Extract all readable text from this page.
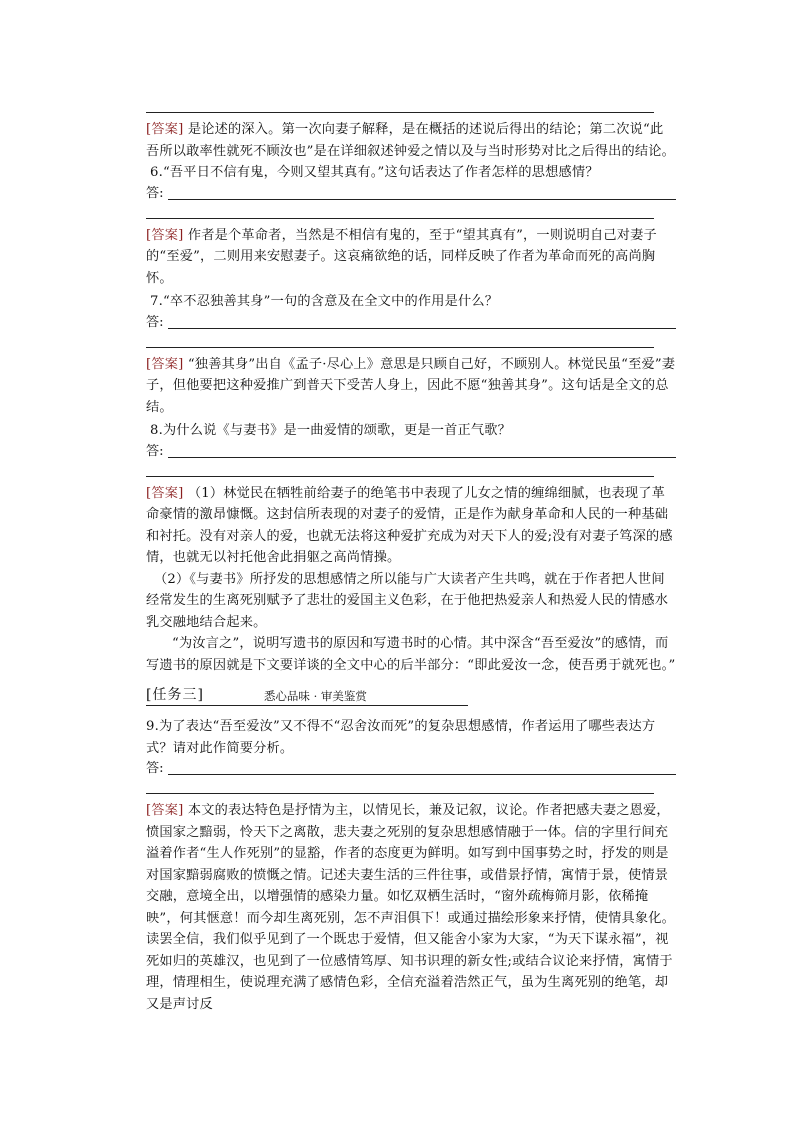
[答案] 是论述的深入。第一次向妻子解释，是在概括的述说后得出的结论；第二次说“此吾所以敢率性就死不顾汝也”是在详细叙述钟爱之情以及与当时形势对比之后得出的结论。

6.“吾平日不信有鬼，今则又望其真有。”这句话表达了作者怎样的思想感情？

答:

[答案] 作者是个革命者，当然是不相信有鬼的，至于“望其真有”，一则说明自己对妻子的“至爱”，二则用来安慰妻子。这哀痛欲绝的话，同样反映了作者为革命而死的高尚胸怀。

7.“卒不忍独善其身”一句的含意及在全文中的作用是什么？

答:

[答案] “独善其身”出自《孟子·尽心上》意思是只顾自己好，不顾别人。林觉民虽“至爱”妻子，但他要把这种爱推广到普天下受苦人身上，因此不愿“独善其身”。这句话是全文的总结。

8.为什么说《与妻书》是一曲爱情的颂歌，更是一首正气歌？

答:

[答案] （1）林觉民在牺牲前给妻子的绝笔书中表现了儿女之情的缠绵细腻，也表现了革命豪情的激昂慷慨。这封信所表现的对妻子的爱情，正是作为献身革命和人民的一种基础和衬托。没有对亲人的爱，也就无法将这种爱扩充成为对天下人的爱;没有对妻子笃深的感情，也就无以衬托他舍此捐躯之高尚情操。

（2）《与妻书》所抒发的思想感情之所以能与广大读者产生共鸣，就在于作者把人世间经常发生的生离死别赋予了悲壮的爱国主义色彩，在于他把热爱亲人和热爱人民的情感水乳交融地结合起来。

“为汝言之”，说明写遗书的原因和写遗书时的心情。其中深含“吾至爱汝”的感情，而写遗书的原因就是下文要详谈的全文中心的后半部分：“即此爱汝一念，使吾勇于就死也。”

[任务三]	悉心品味 · 审美鉴赏

9.为了表达“吾至爱汝”又不得不“忍舍汝而死”的复杂思想感情，作者运用了哪些表达方式？请对此作简要分析。

答:

[答案] 本文的表达特色是抒情为主，以情见长，兼及记叙，议论。作者把感夫妻之恩爱，愤国家之黯弱，怜天下之离散，悲夫妻之死别的复杂思想感情融于一体。信的字里行间充溢着作者“生人作死别”的显豁，作者的态度更为鲜明。如写到中国事势之时，抒发的则是对国家黯弱腐败的愤慨之情。记述夫妻生活的三件往事，或借景抒情，寓情于景，使情景交融，意境全出，以增强情的感染力量。如忆双栖生活时，“窗外疏梅筛月影，依稀掩映”，何其惬意！而今却生离死别，怎不声泪俱下！或通过描绘形象来抒情，使情具象化。读罢全信，我们似乎见到了一个既忠于爱情，但又能舍小家为大家，“为天下谋永福”，视死如归的英雄汉，也见到了一位感情笃厚、知书识理的新女性;或结合议论来抒情，寓情于理，情理相生，使说理充满了感情色彩，全信充溢着浩然正气，虽为生离死别的绝笔，却又是声讨反
